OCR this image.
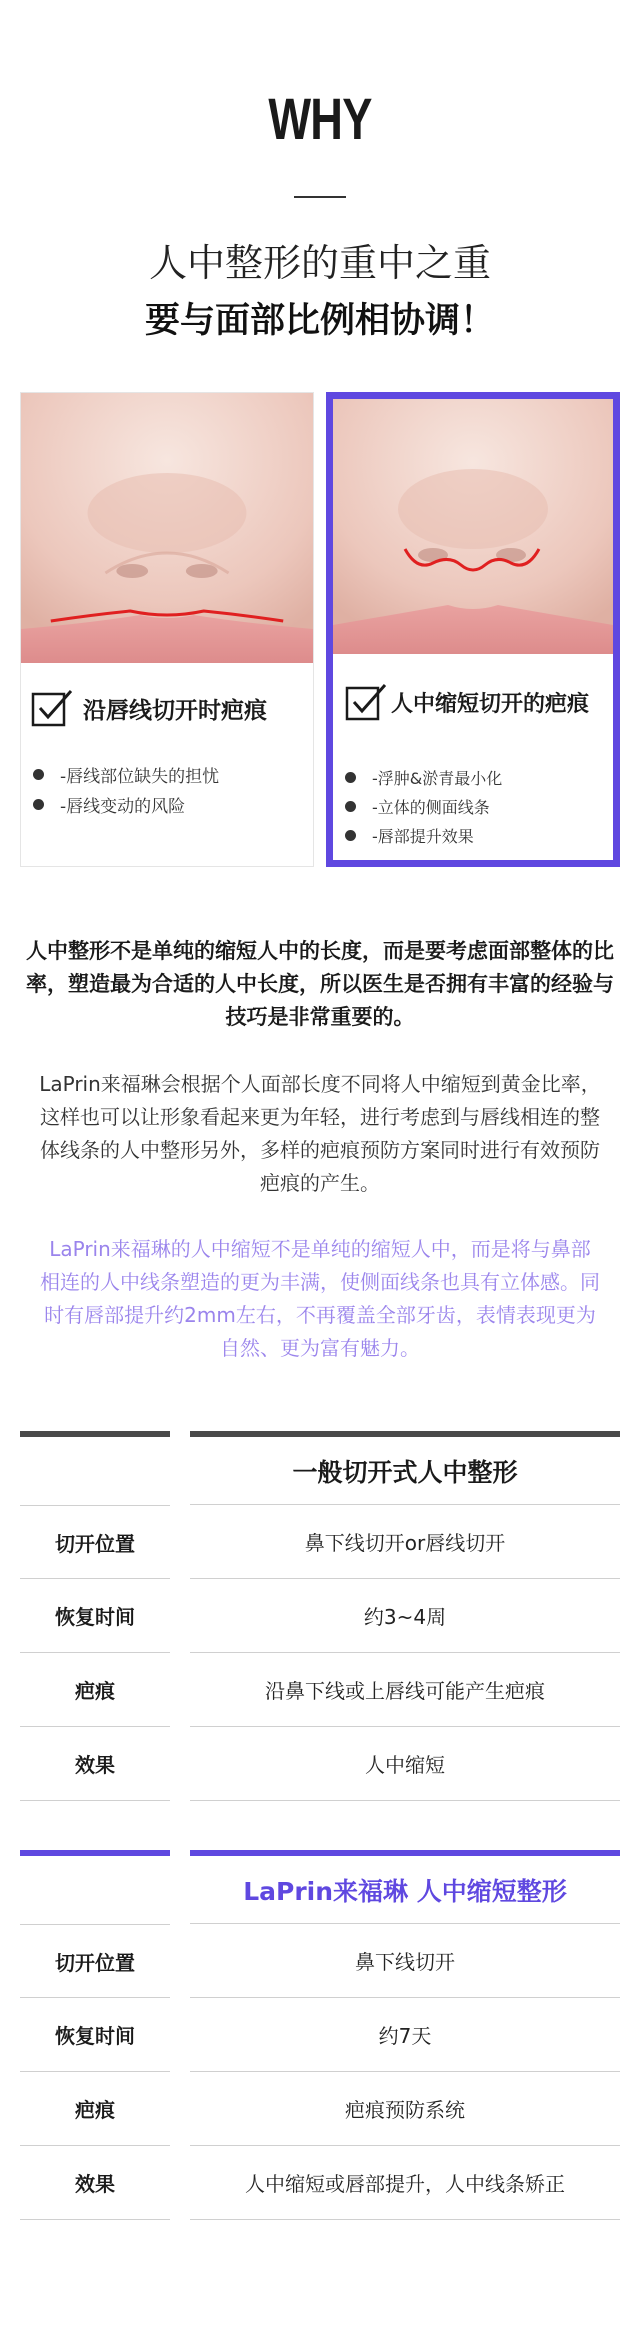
WHY
人中整形的重中之重
要与面部比例相协调！
沿唇线切开时疤痕
-唇线部位缺失的担忧
-唇线变动的风险
人中缩短切开的疤痕
-浮肿&淤青最小化
-立体的侧面线条
-唇部提升效果
人中整形不是单纯的缩短人中的长度，而是要考虑面部整体的比率，塑造最为合适的人中长度，所以医生是否拥有丰富的经验与技巧是非常重要的。
LaPrin来福琳会根据个人面部长度不同将人中缩短到黄金比率，这样也可以让形象看起来更为年轻，进行考虑到与唇线相连的整体线条的人中整形另外，多样的疤痕预防方案同时进行有效预防疤痕的产生。
LaPrin来福琳的人中缩短不是单纯的缩短人中，而是将与鼻部相连的人中线条塑造的更为丰满，使侧面线条也具有立体感。同时有唇部提升约2mm左右，不再覆盖全部牙齿，表情表现更为自然、更为富有魅力。
一般切开式人中整形
切开位置	鼻下线切开or唇线切开
恢复时间	约3~4周
疤痕	沿鼻下线或上唇线可能产生疤痕
效果	人中缩短
LaPrin来福琳 人中缩短整形
切开位置	鼻下线切开
恢复时间	约7天
疤痕	疤痕预防系统
效果	人中缩短或唇部提升，人中线条矫正
